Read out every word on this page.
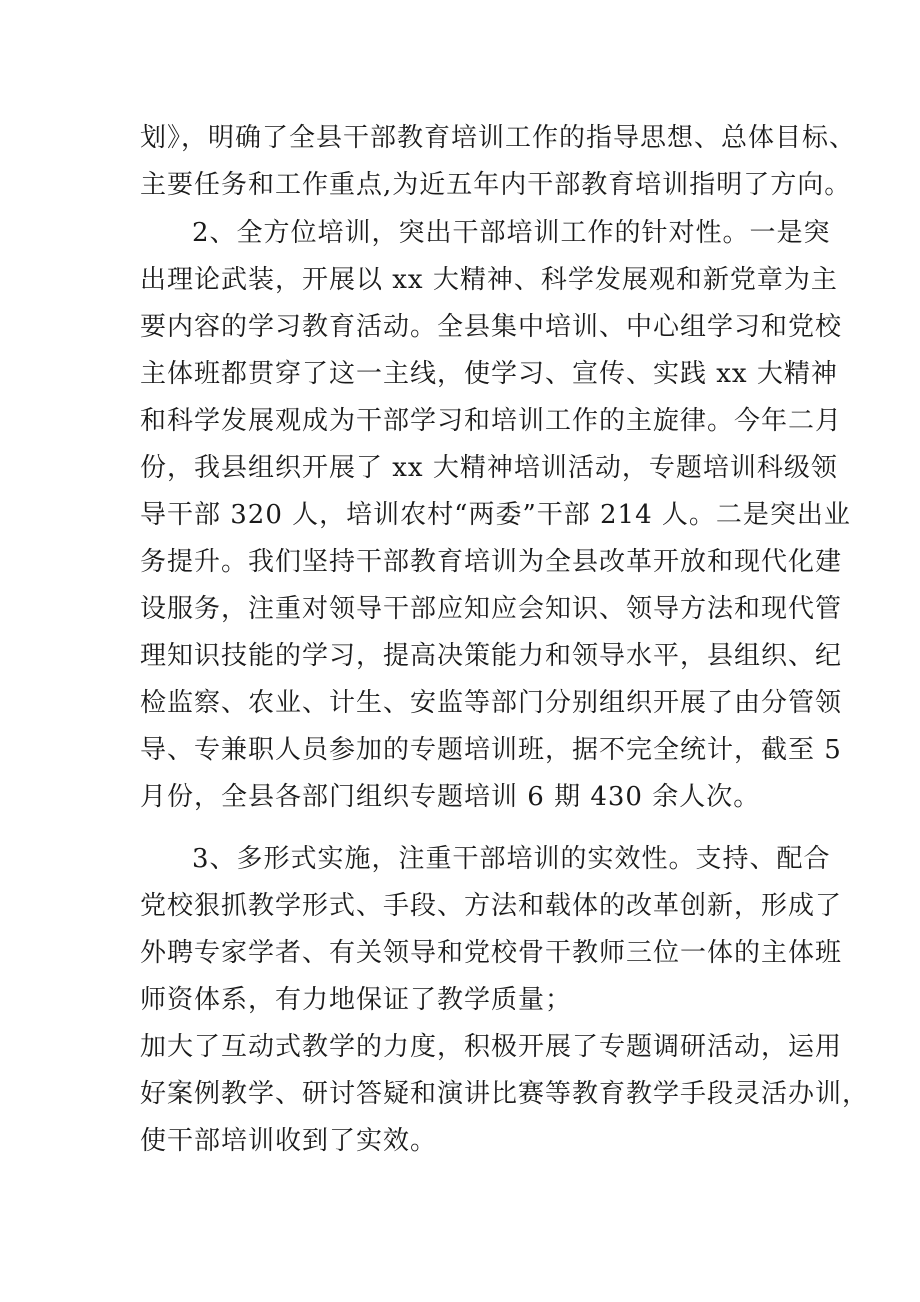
划》，明确了全县干部教育培训工作的指导思想、总体目标、
主要任务和工作重点,为近五年内干部教育培训指明了方向。
2、全方位培训，突出干部培训工作的针对性。一是突
出理论武装，开展以 xx 大精神、科学发展观和新党章为主
要内容的学习教育活动。全县集中培训、中心组学习和党校
主体班都贯穿了这一主线，使学习、宣传、实践 xx 大精神
和科学发展观成为干部学习和培训工作的主旋律。今年二月
份，我县组织开展了 xx 大精神培训活动，专题培训科级领
导干部 320 人，培训农村“两委”干部 214 人。二是突出业
务提升。我们坚持干部教育培训为全县改革开放和现代化建
设服务，注重对领导干部应知应会知识、领导方法和现代管
理知识技能的学习，提高决策能力和领导水平，县组织、纪
检监察、农业、计生、安监等部门分别组织开展了由分管领
导、专兼职人员参加的专题培训班，据不完全统计，截至 5
月份，全县各部门组织专题培训 6 期 430 余人次。
3、多形式实施，注重干部培训的实效性。支持、配合
党校狠抓教学形式、手段、方法和载体的改革创新，形成了
外聘专家学者、有关领导和党校骨干教师三位一体的主体班
师资体系，有力地保证了教学质量；
加大了互动式教学的力度，积极开展了专题调研活动，运用
好案例教学、研讨答疑和演讲比赛等教育教学手段灵活办训，
使干部培训收到了实效。
